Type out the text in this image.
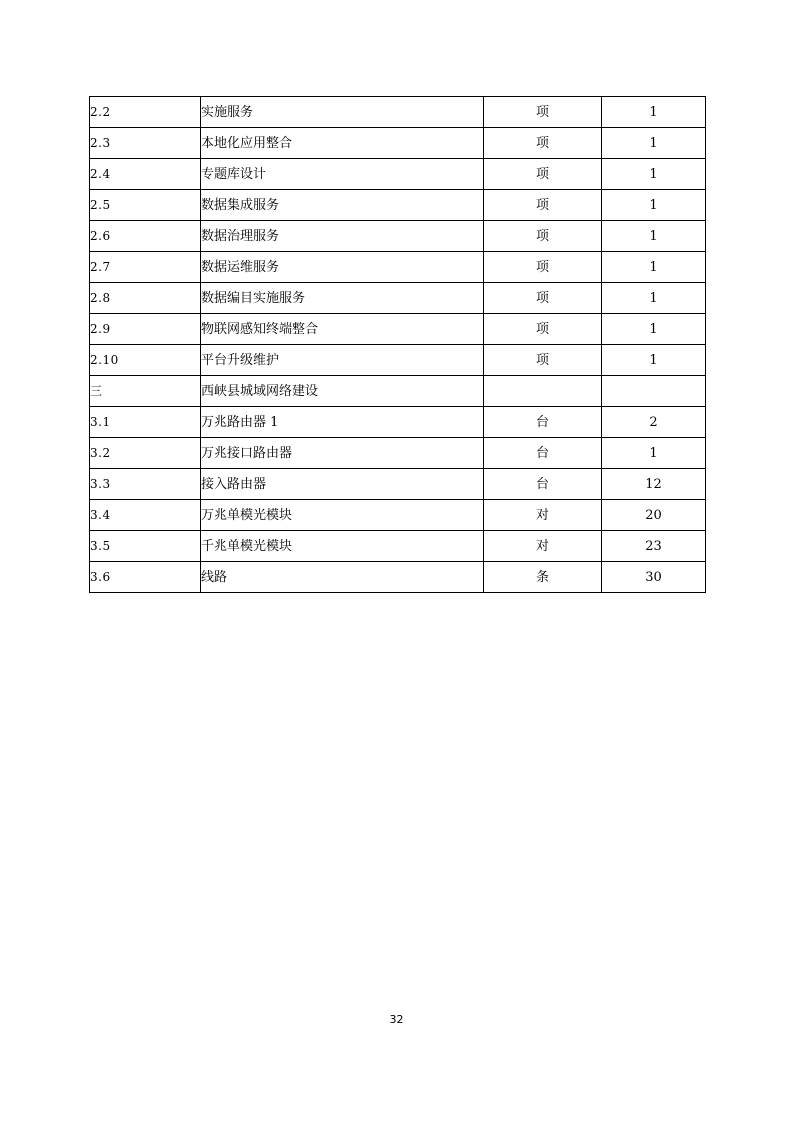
2.2	实施服务	项	1
2.3	本地化应用整合	项	1
2.4	专题库设计	项	1
2.5	数据集成服务	项	1
2.6	数据治理服务	项	1
2.7	数据运维服务	项	1
2.8	数据编目实施服务	项	1
2.9	物联网感知终端整合	项	1
2.10	平台升级维护	项	1
三	西峡县城域网络建设		
3.1	万兆路由器 1	台	2
3.2	万兆接口路由器	台	1
3.3	接入路由器	台	12
3.4	万兆单模光模块	对	20
3.5	千兆单模光模块	对	23
3.6	线路	条	30
32
